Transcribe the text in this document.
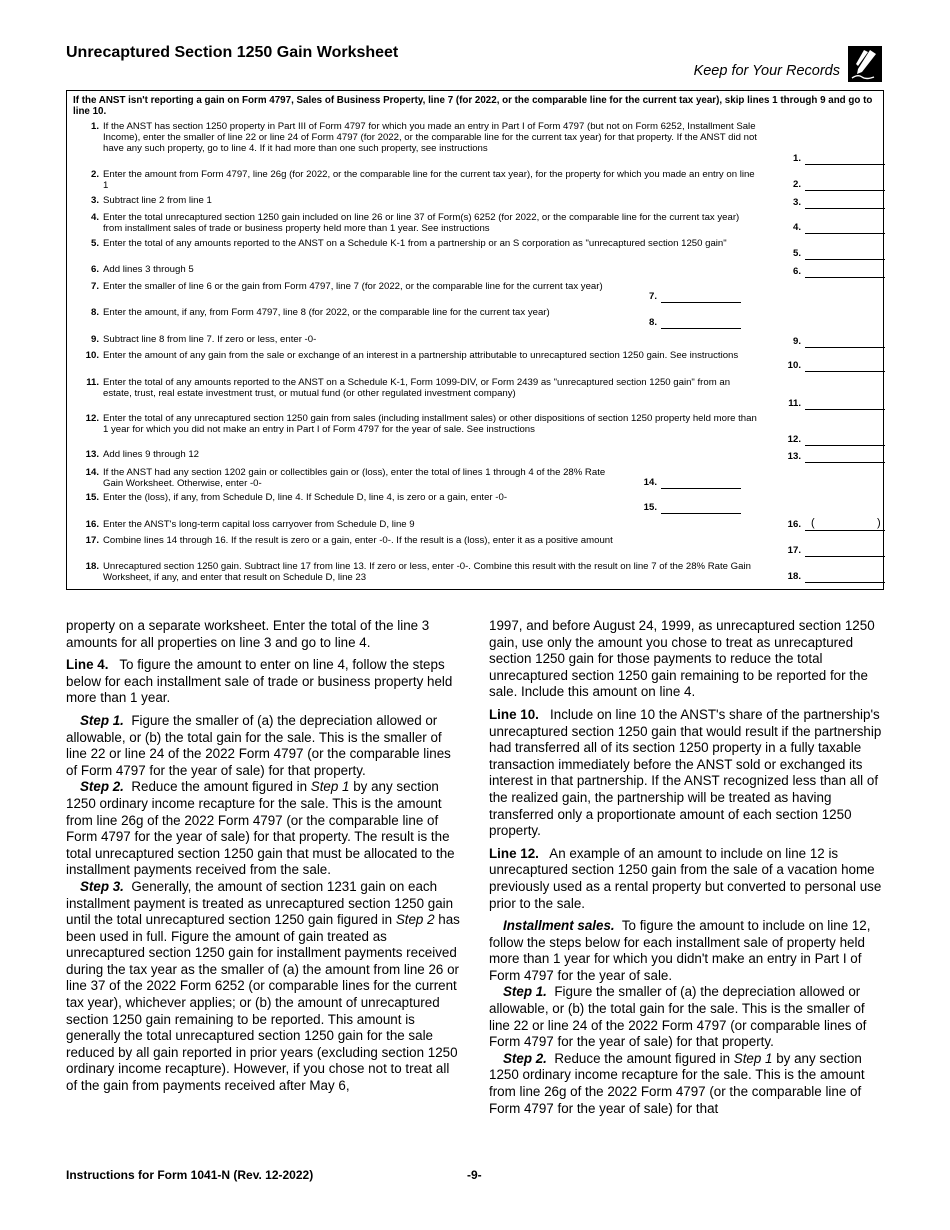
Unrecaptured Section 1250 Gain Worksheet
Keep for Your Records
If the ANST isn't reporting a gain on Form 4797, Sales of Business Property, line 7 (for 2022, or the comparable line for the current tax year), skip lines 1 through 9 and go to line 10.
1. If the ANST has section 1250 property in Part III of Form 4797 for which you made an entry in Part I of Form 4797 (but not on Form 6252, Installment Sale Income), enter the smaller of line 22 or line 24 of Form 4797 (for 2022, or the comparable line for the current tax year) for that property. If the ANST did not have any such property, go to line 4. If it had more than one such property, see instructions
1.
2. Enter the amount from Form 4797, line 26g (for 2022, or the comparable line for the current tax year), for the property for which you made an entry on line 1	2.
3. Subtract line 2 from line 1	3.
4. Enter the total unrecaptured section 1250 gain included on line 26 or line 37 of Form(s) 6252 (for 2022, or the comparable line for the current tax year) from installment sales of trade or business property held more than 1 year. See instructions	4.
5. Enter the total of any amounts reported to the ANST on a Schedule K-1 from a partnership or an S corporation as "unrecaptured section 1250 gain"
5.
6. Add lines 3 through 5	6.
7. Enter the smaller of line 6 or the gain from Form 4797, line 7 (for 2022, or the comparable line for the current tax year)
7.
8. Enter the amount, if any, from Form 4797, line 8 (for 2022, or the comparable line for the current tax year)
8.
9. Subtract line 8 from line 7. If zero or less, enter -0-	9.
10. Enter the amount of any gain from the sale or exchange of an interest in a partnership attributable to unrecaptured section 1250 gain. See instructions
10.
11. Enter the total of any amounts reported to the ANST on a Schedule K-1, Form 1099-DIV, or Form 2439 as "unrecaptured section 1250 gain" from an estate, trust, real estate investment trust, or mutual fund (or other regulated investment company)
11.
12. Enter the total of any unrecaptured section 1250 gain from sales (including installment sales) or other dispositions of section 1250 property held more than 1 year for which you did not make an entry in Part I of Form 4797 for the year of sale. See instructions
12.
13. Add lines 9 through 12	13.
14. If the ANST had any section 1202 gain or collectibles gain or (loss), enter the total of lines 1 through 4 of the 28% Rate Gain Worksheet. Otherwise, enter -0-	14.
15. Enter the (loss), if any, from Schedule D, line 4. If Schedule D, line 4, is zero or a gain, enter -0-
15.
16. Enter the ANST's long-term capital loss carryover from Schedule D, line 9	16. (	)
17. Combine lines 14 through 16. If the result is zero or a gain, enter -0-. If the result is a (loss), enter it as a positive amount
17.
18. Unrecaptured section 1250 gain. Subtract line 17 from line 13. If zero or less, enter -0-. Combine this result with the result on line 7 of the 28% Rate Gain Worksheet, if any, and enter that result on Schedule D, line 23	18.

property on a separate worksheet. Enter the total of the line 3 amounts for all properties on line 3 and go to line 4.

Line 4. To figure the amount to enter on line 4, follow the steps below for each installment sale of trade or business property held more than 1 year.

Step 1. Figure the smaller of (a) the depreciation allowed or allowable, or (b) the total gain for the sale. This is the smaller of line 22 or line 24 of the 2022 Form 4797 (or the comparable lines of Form 4797 for the year of sale) for that property.

Step 2. Reduce the amount figured in Step 1 by any section 1250 ordinary income recapture for the sale. This is the amount from line 26g of the 2022 Form 4797 (or the comparable line of Form 4797 for the year of sale) for that property. The result is the total unrecaptured section 1250 gain that must be allocated to the installment payments received from the sale.

Step 3. Generally, the amount of section 1231 gain on each installment payment is treated as unrecaptured section 1250 gain until the total unrecaptured section 1250 gain figured in Step 2 has been used in full. Figure the amount of gain treated as unrecaptured section 1250 gain for installment payments received during the tax year as the smaller of (a) the amount from line 26 or line 37 of the 2022 Form 6252 (or comparable lines for the current tax year), whichever applies; or (b) the amount of unrecaptured section 1250 gain remaining to be reported. This amount is generally the total unrecaptured section 1250 gain for the sale reduced by all gain reported in prior years (excluding section 1250 ordinary income recapture). However, if you chose not to treat all of the gain from payments received after May 6,

1997, and before August 24, 1999, as unrecaptured section 1250 gain, use only the amount you chose to treat as unrecaptured section 1250 gain for those payments to reduce the total unrecaptured section 1250 gain remaining to be reported for the sale. Include this amount on line 4.

Line 10. Include on line 10 the ANST's share of the partnership's unrecaptured section 1250 gain that would result if the partnership had transferred all of its section 1250 property in a fully taxable transaction immediately before the ANST sold or exchanged its interest in that partnership. If the ANST recognized less than all of the realized gain, the partnership will be treated as having transferred only a proportionate amount of each section 1250 property.

Line 12. An example of an amount to include on line 12 is unrecaptured section 1250 gain from the sale of a vacation home previously used as a rental property but converted to personal use prior to the sale.

Installment sales. To figure the amount to include on line 12, follow the steps below for each installment sale of property held more than 1 year for which you didn't make an entry in Part I of Form 4797 for the year of sale.

Step 1. Figure the smaller of (a) the depreciation allowed or allowable, or (b) the total gain for the sale. This is the smaller of line 22 or line 24 of the 2022 Form 4797 (or comparable lines of Form 4797 for the year of sale) for that property.

Step 2. Reduce the amount figured in Step 1 by any section 1250 ordinary income recapture for the sale. This is the amount from line 26g of the 2022 Form 4797 (or the comparable line of Form 4797 for the year of sale) for that

Instructions for Form 1041-N (Rev. 12-2022)	-9-
